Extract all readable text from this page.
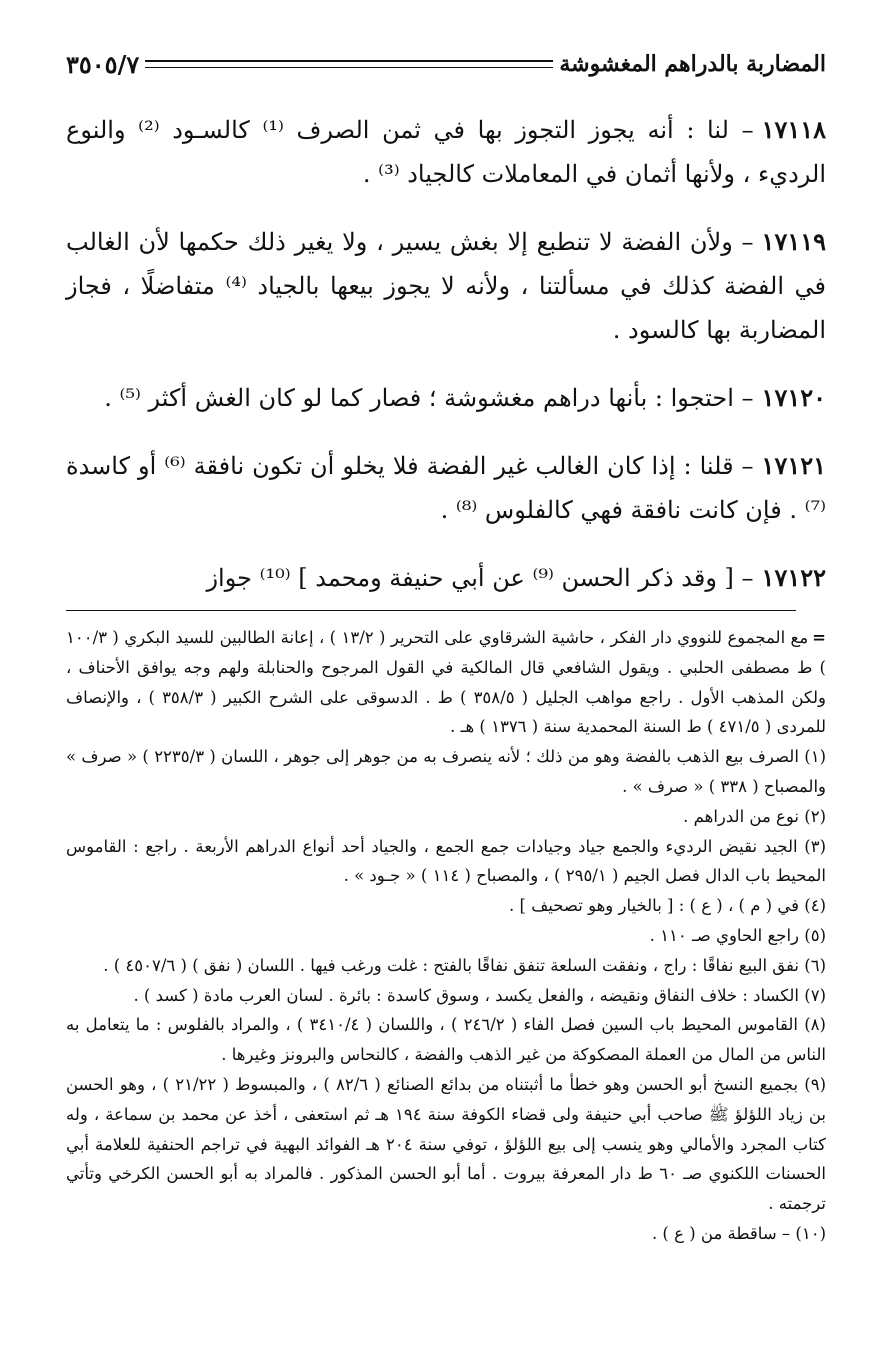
المضاربة بالدراهم المغشوشة
٣٥٠٥/٧

١٧١١٨– لنا : أنه يجوز التجوز بها في ثمن الصرف ⁽¹⁾ كالسـود ⁽²⁾ والنوع الرديء ، ولأنها أثمان في المعاملات كالجياد ⁽³⁾ .

١٧١١٩– ولأن الفضة لا تنطبع إلا بغش يسير ، ولا يغير ذلك حكمها لأن الغالب في الفضة كذلك في مسألتنا ، ولأنه لا يجوز بيعها بالجياد ⁽⁴⁾ متفاضلًا ، فجاز المضاربة بها كالسود .

١٧١٢٠– احتجوا : بأنها دراهم مغشوشة ؛ فصار كما لو كان الغش أكثر ⁽⁵⁾ .

١٧١٢١– قلنا : إذا كان الغالب غير الفضة فلا يخلو أن تكون نافقة ⁽⁶⁾ أو كاسدة ⁽⁷⁾ . فإن كانت نافقة فهي كالفلوس ⁽⁸⁾ .

١٧١٢٢– [ وقد ذكر الحسن ⁽⁹⁾ عن أبي حنيفة ومحمد ] ⁽¹⁰⁾ جواز

=مع المجموع للنووي دار الفكر ، حاشية الشرقاوي على التحرير ( ١٣/٢ ) ، إعانة الطالبين للسيد البكري ( ١٠٠/٣ ) ط مصطفى الحلبي . ويقول الشافعي قال المالكية في القول المرجوح والحنابلة ولهم وجه يوافق الأحناف ، ولكن المذهب الأول . راجع مواهب الجليل ( ٣٥٨/٥ ) ط . الدسوقى على الشرح الكبير ( ٣٥٨/٣ ) ، والإنصاف للمردى ( ٤٧١/٥ ) ط السنة المحمدية سنة ( ١٣٧٦ ) هـ .

(١) الصرف بيع الذهب بالفضة وهو من ذلك ؛ لأنه ينصرف به من جوهر إلى جوهر ، اللسان ( ٢٢٣٥/٣ ) « صرف » والمصباح ( ٣٣٨ ) « صرف » .

(٢) نوع من الدراهم .

(٣) الجيد نقيض الرديء والجمع جياد وجيادات جمع الجمع ، والجياد أحد أنواع الدراهم الأربعة . راجع : القاموس المحيط باب الدال فصل الجيم ( ٢٩٥/١ ) ، والمصباح ( ١١٤ ) « جـود » .

(٤) في ( م ) ، ( ع ) : [ بالخيار وهو تصحيف ] .

(٥) راجع الحاوي صـ ١١٠ .

(٦) نفق البيع نفاقًا : راج ، ونفقت السلعة تنفق نفاقًا بالفتح : غلت ورغب فيها . اللسان ( نفق ) ( ٤٥٠٧/٦ ) .

(٧) الكساد : خلاف النفاق ونقيضه ، والفعل يكسد ، وسوق كاسدة : بائرة . لسان العرب مادة ( كسد ) .

(٨) القاموس المحيط باب السين فصل الفاء ( ٢٤٦/٢ ) ، واللسان ( ٣٤١٠/٤ ) ، والمراد بالفلوس : ما يتعامل به الناس من المال من العملة المصكوكة من غير الذهب والفضة ، كالنحاس والبرونز وغيرها .

(٩) بجميع النسخ أبو الحسن وهو خطأ ما أثبتناه من بدائع الصنائع ( ٨٢/٦ ) ، والمبسوط ( ٢١/٢٢ ) ، وهو الحسن بن زياد اللؤلؤ ﷺ صاحب أبي حنيفة ولى قضاء الكوفة سنة ١٩٤ هـ ثم استعفى ، أخذ عن محمد بن سماعة ، وله كتاب المجرد والأمالي وهو ينسب إلى بيع اللؤلؤ ، توفي سنة ٢٠٤ هـ الفوائد البهية في تراجم الحنفية للعلامة أبي الحسنات اللكنوي صـ ٦٠ ط دار المعرفة بيروت . أما أبو الحسن المذكور . فالمراد به أبو الحسن الكرخي وتأتي ترجمته .

(١٠) – ساقطة من ( ع ) .
